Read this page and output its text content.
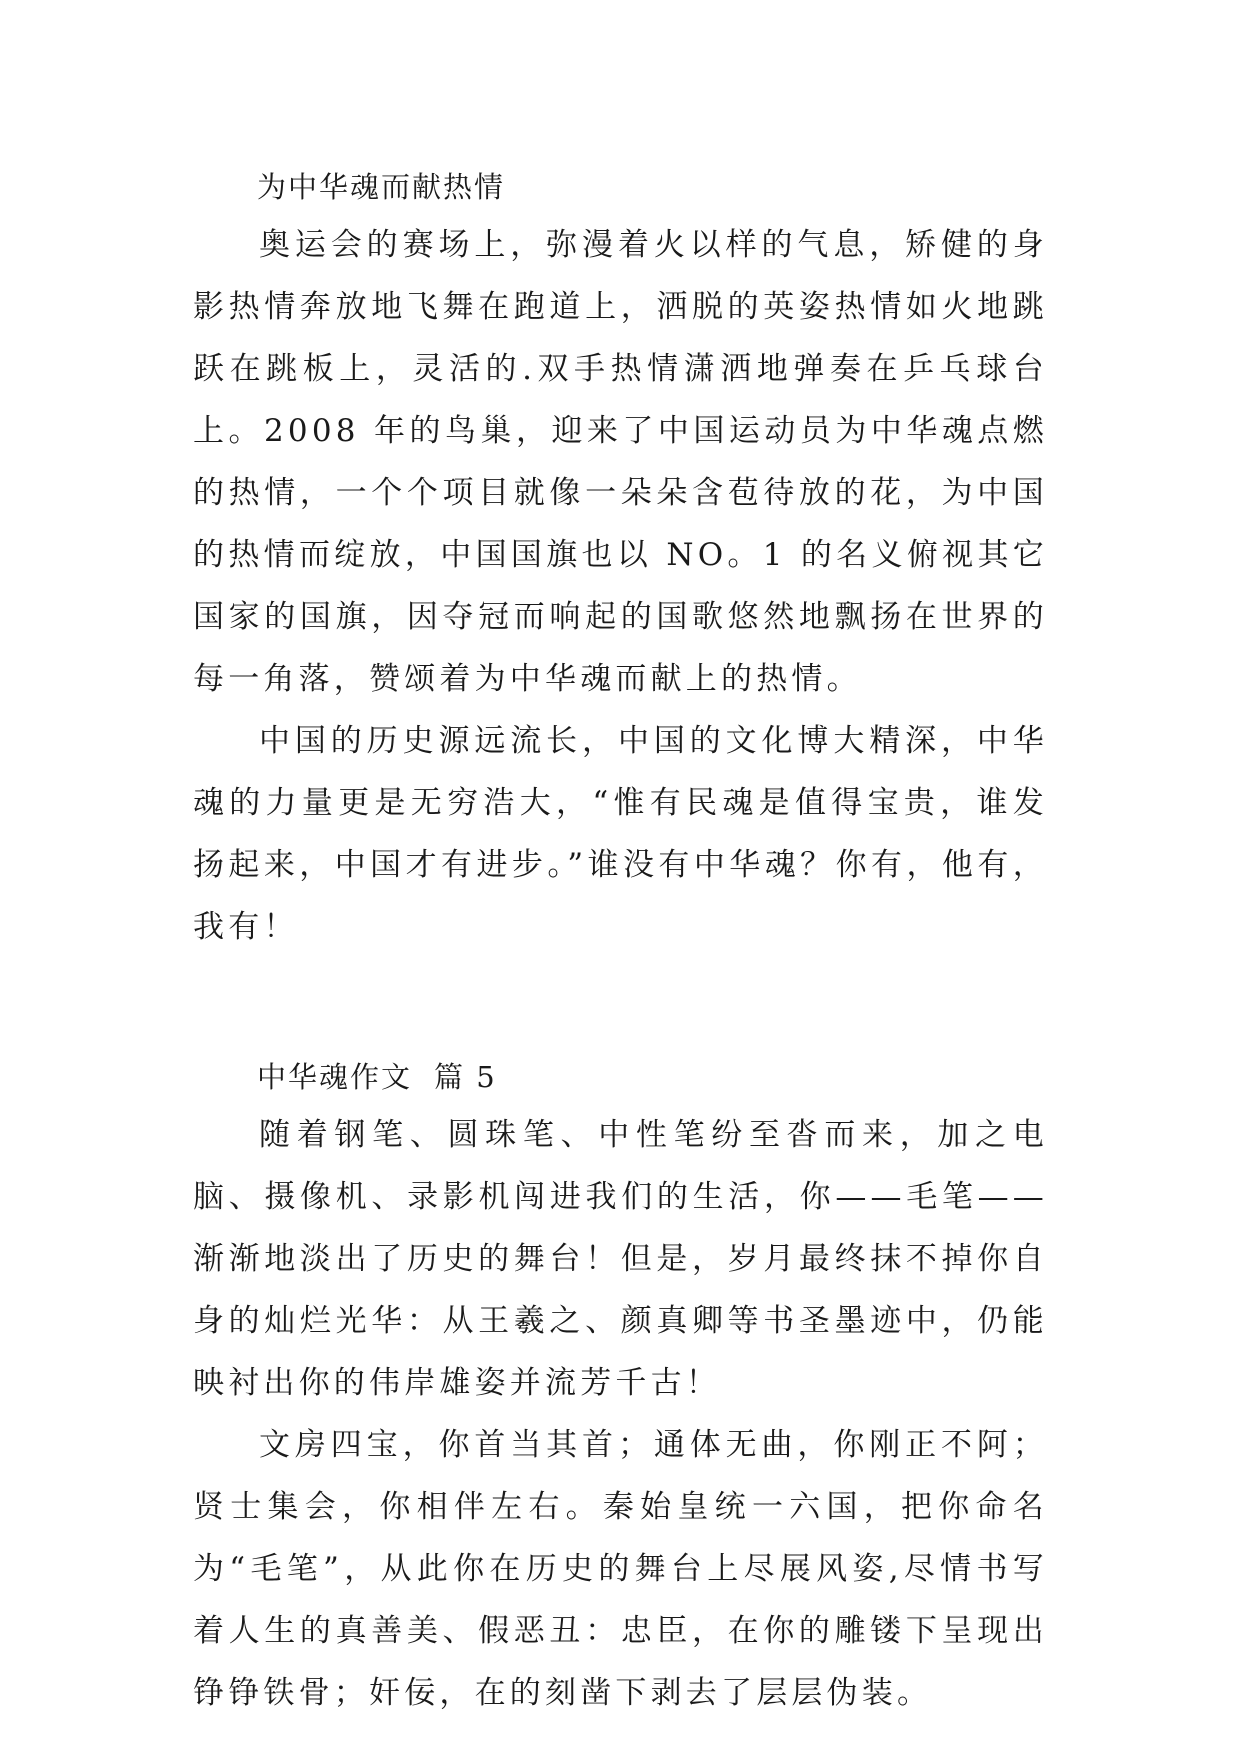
为中华魂而献热情

奥运会的赛场上，弥漫着火以样的气息，矫健的身影热情奔放地飞舞在跑道上，洒脱的英姿热情如火地跳跃在跳板上，灵活的.双手热情潇洒地弹奏在乒乓球台上。2008 年的鸟巢，迎来了中国运动员为中华魂点燃的热情，一个个项目就像一朵朵含苞待放的花，为中国的热情而绽放，中国国旗也以 NO。1 的名义俯视其它国家的国旗，因夺冠而响起的国歌悠然地飘扬在世界的每一角落，赞颂着为中华魂而献上的热情。

中国的历史源远流长，中国的文化博大精深，中华魂的力量更是无穷浩大，“惟有民魂是值得宝贵，谁发扬起来，中国才有进步。”谁没有中华魂？你有，他有，我有！

中华魂作文 篇 5

随着钢笔、圆珠笔、中性笔纷至沓而来，加之电脑、摄像机、录影机闯进我们的生活，你——毛笔——渐渐地淡出了历史的舞台！但是，岁月最终抹不掉你自身的灿烂光华：从王羲之、颜真卿等书圣墨迹中，仍能映衬出你的伟岸雄姿并流芳千古！

文房四宝，你首当其首；通体无曲，你刚正不阿；贤士集会，你相伴左右。秦始皇统一六国，把你命名为“毛笔”，从此你在历史的舞台上尽展风姿,尽情书写着人生的真善美、假恶丑：忠臣，在你的雕镂下呈现出铮铮铁骨；奸佞，在的刻凿下剥去了层层伪装。
